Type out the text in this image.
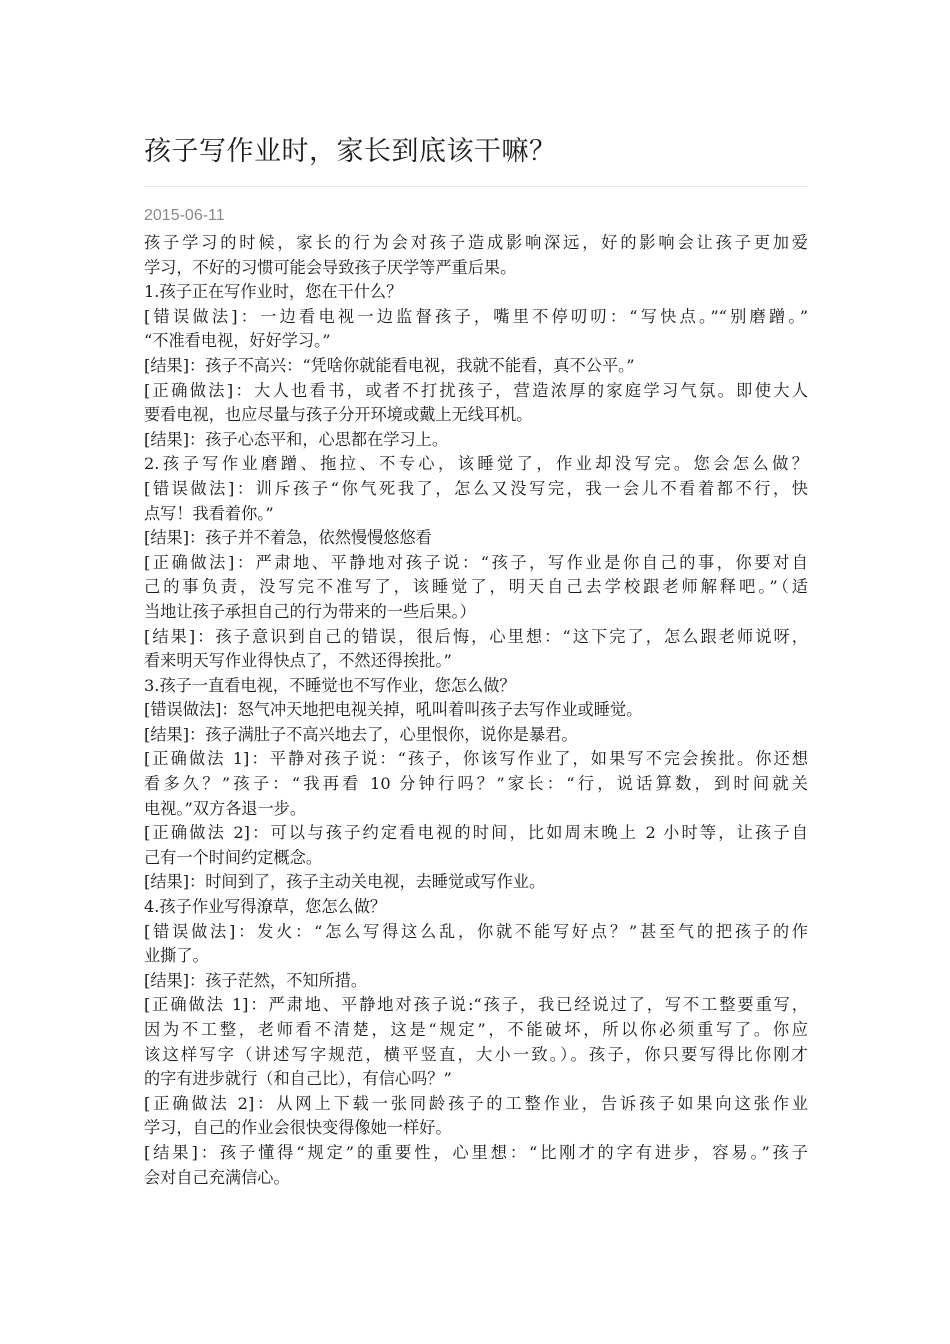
孩子写作业时，家长到底该干嘛？
2015-06-11
孩子学习的时候，家长的行为会对孩子造成影响深远，好的影响会让孩子更加爱
学习，不好的习惯可能会导致孩子厌学等严重后果。
1.孩子正在写作业时，您在干什么？
[错误做法]：一边看电视一边监督孩子，嘴里不停叨叨：“写快点。”“别磨蹭。”
“不准看电视，好好学习。”
[结果]：孩子不高兴：“凭啥你就能看电视，我就不能看，真不公平。”
[正确做法]：大人也看书，或者不打扰孩子，营造浓厚的家庭学习气氛。即使大人
要看电视，也应尽量与孩子分开环境或戴上无线耳机。
[结果]：孩子心态平和，心思都在学习上。
2.孩子写作业磨蹭、拖拉、不专心，该睡觉了，作业却没写完。您会怎么做？
[错误做法]：训斥孩子“你气死我了，怎么又没写完，我一会儿不看着都不行，快
点写！我看着你。”
[结果]：孩子并不着急，依然慢慢悠悠看
[正确做法]：严肃地、平静地对孩子说：“孩子，写作业是你自己的事，你要对自
己的事负责，没写完不准写了，该睡觉了，明天自己去学校跟老师解释吧。”（适
当地让孩子承担自己的行为带来的一些后果。）
[结果]：孩子意识到自己的错误，很后悔，心里想：“这下完了，怎么跟老师说呀，
看来明天写作业得快点了，不然还得挨批。”
3.孩子一直看电视，不睡觉也不写作业，您怎么做？
[错误做法]：怒气冲天地把电视关掉，吼叫着叫孩子去写作业或睡觉。
[结果]：孩子满肚子不高兴地去了，心里恨你，说你是暴君。
[正确做法 1]：平静对孩子说：“孩子，你该写作业了，如果写不完会挨批。你还想
看多久？”孩子：“我再看 10 分钟行吗？”家长：“行，说话算数，到时间就关
电视。”双方各退一步。
[正确做法 2]：可以与孩子约定看电视的时间，比如周末晚上 2 小时等，让孩子自
己有一个时间约定概念。
[结果]：时间到了，孩子主动关电视，去睡觉或写作业。
4.孩子作业写得潦草，您怎么做？
[错误做法]：发火：“怎么写得这么乱，你就不能写好点？”甚至气的把孩子的作
业撕了。
[结果]：孩子茫然，不知所措。
[正确做法 1]：严肃地、平静地对孩子说:“孩子，我已经说过了，写不工整要重写，
因为不工整，老师看不清楚，这是“规定”，不能破坏，所以你必须重写了。你应
该这样写字（讲述写字规范，横平竖直，大小一致。）。孩子，你只要写得比你刚才
的字有进步就行（和自己比），有信心吗？”
[正确做法 2]：从网上下载一张同龄孩子的工整作业，告诉孩子如果向这张作业
学习，自己的作业会很快变得像她一样好。
[结果]：孩子懂得“规定”的重要性，心里想：“比刚才的字有进步，容易。”孩子
会对自己充满信心。
